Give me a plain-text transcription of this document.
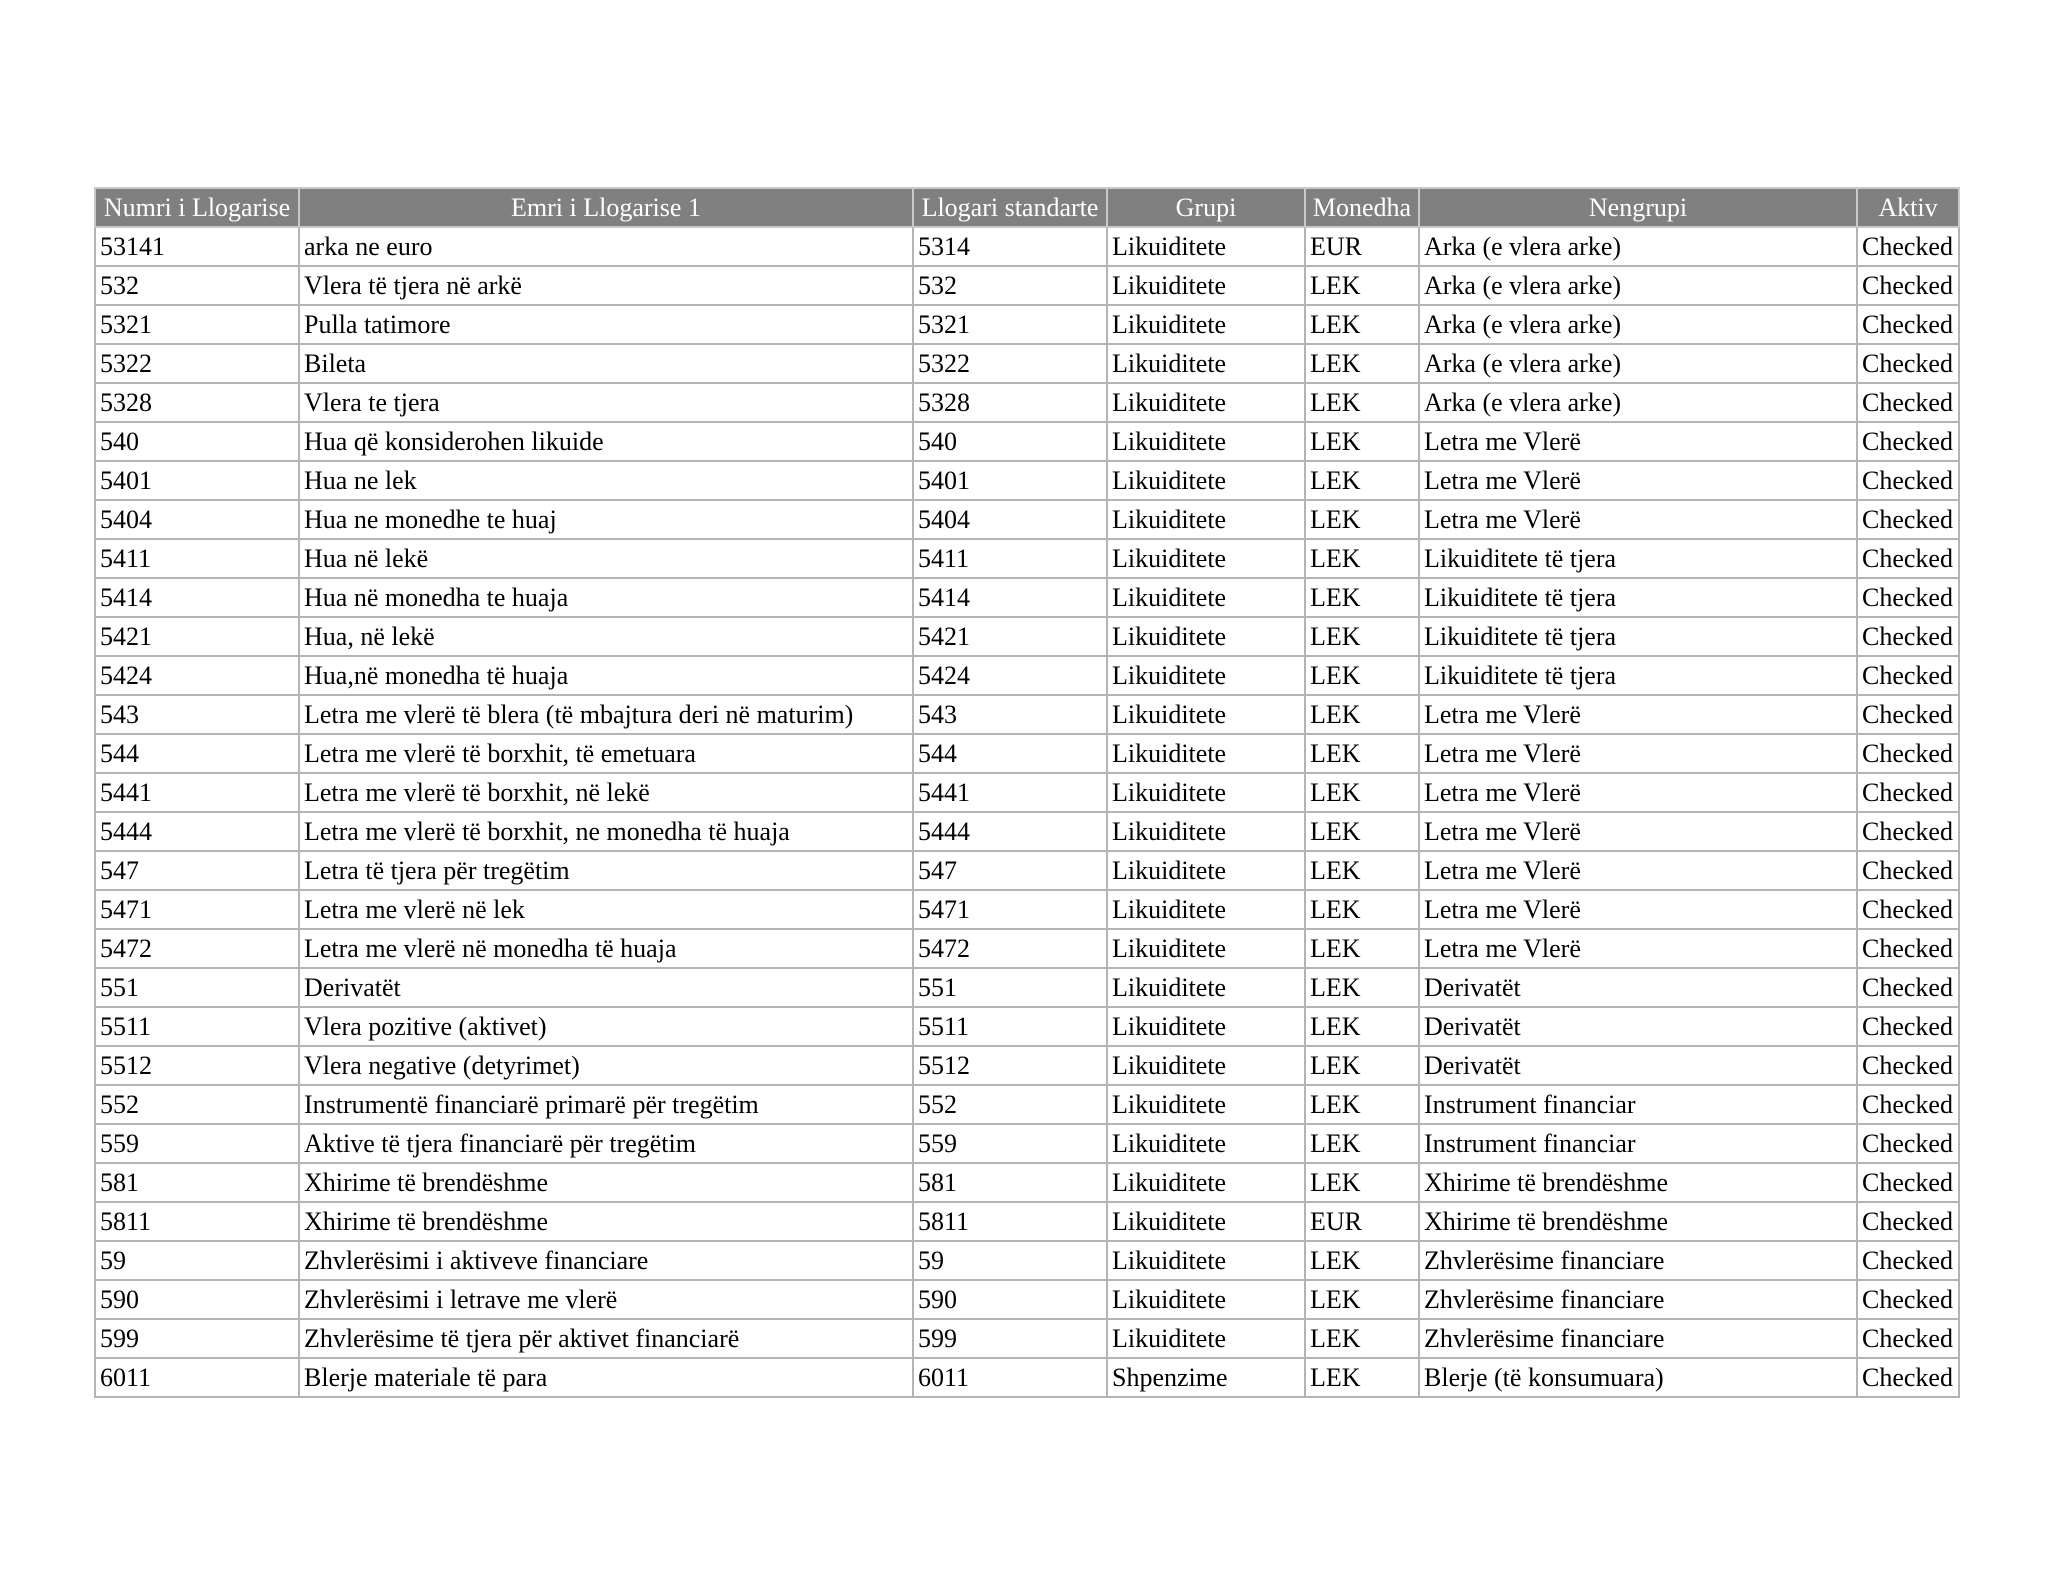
Numri i Llogarise	Emri i Llogarise 1	Llogari standarte	Grupi	Monedha	Nengrupi	Aktiv
53141	arka ne euro	5314	Likuiditete	EUR	Arka (e vlera arke)	Checked
532	Vlera të tjera në arkë	532	Likuiditete	LEK	Arka (e vlera arke)	Checked
5321	Pulla tatimore	5321	Likuiditete	LEK	Arka (e vlera arke)	Checked
5322	Bileta	5322	Likuiditete	LEK	Arka (e vlera arke)	Checked
5328	Vlera te tjera	5328	Likuiditete	LEK	Arka (e vlera arke)	Checked
540	Hua që konsiderohen likuide	540	Likuiditete	LEK	Letra me Vlerë	Checked
5401	Hua ne lek	5401	Likuiditete	LEK	Letra me Vlerë	Checked
5404	Hua ne monedhe te huaj	5404	Likuiditete	LEK	Letra me Vlerë	Checked
5411	Hua në lekë	5411	Likuiditete	LEK	Likuiditete të tjera	Checked
5414	Hua në monedha te huaja	5414	Likuiditete	LEK	Likuiditete të tjera	Checked
5421	Hua, në lekë	5421	Likuiditete	LEK	Likuiditete të tjera	Checked
5424	Hua,në monedha të huaja	5424	Likuiditete	LEK	Likuiditete të tjera	Checked
543	Letra me vlerë të blera (të mbajtura deri në maturim)	543	Likuiditete	LEK	Letra me Vlerë	Checked
544	Letra me vlerë të borxhit, të emetuara	544	Likuiditete	LEK	Letra me Vlerë	Checked
5441	Letra me vlerë të borxhit, në lekë	5441	Likuiditete	LEK	Letra me Vlerë	Checked
5444	Letra me vlerë të borxhit, ne monedha të huaja	5444	Likuiditete	LEK	Letra me Vlerë	Checked
547	Letra të tjera për tregëtim	547	Likuiditete	LEK	Letra me Vlerë	Checked
5471	Letra me vlerë në lek	5471	Likuiditete	LEK	Letra me Vlerë	Checked
5472	Letra me vlerë në monedha të huaja	5472	Likuiditete	LEK	Letra me Vlerë	Checked
551	Derivatët	551	Likuiditete	LEK	Derivatët	Checked
5511	Vlera pozitive (aktivet)	5511	Likuiditete	LEK	Derivatët	Checked
5512	Vlera negative (detyrimet)	5512	Likuiditete	LEK	Derivatët	Checked
552	Instrumentë financiarë primarë për tregëtim	552	Likuiditete	LEK	Instrument financiar	Checked
559	Aktive të tjera financiarë për tregëtim	559	Likuiditete	LEK	Instrument financiar	Checked
581	Xhirime të brendëshme	581	Likuiditete	LEK	Xhirime të brendëshme	Checked
5811	Xhirime të brendëshme	5811	Likuiditete	EUR	Xhirime të brendëshme	Checked
59	Zhvlerësimi i aktiveve financiare	59	Likuiditete	LEK	Zhvlerësime financiare	Checked
590	Zhvlerësimi i letrave me vlerë	590	Likuiditete	LEK	Zhvlerësime financiare	Checked
599	Zhvlerësime të tjera për aktivet financiarë	599	Likuiditete	LEK	Zhvlerësime financiare	Checked
6011	Blerje materiale të para	6011	Shpenzime	LEK	Blerje (të konsumuara)	Checked
